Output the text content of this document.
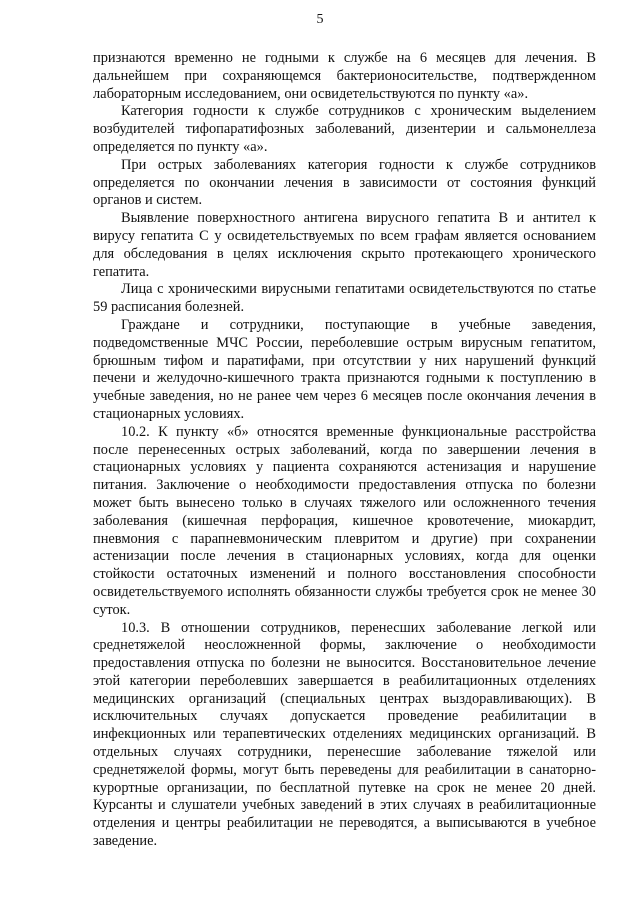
5

признаются временно не годными к службе на 6 месяцев для лечения. В дальнейшем при сохраняющемся бактерионосительстве, подтвержденном лабораторным исследованием, они освидетельствуются по пункту «а».

Категория годности к службе сотрудников с хроническим выделением возбудителей тифопаратифозных заболеваний, дизентерии и сальмонеллеза определяется по пункту «а».

При острых заболеваниях категория годности к службе сотрудников определяется по окончании лечения в зависимости от состояния функций органов и систем.

Выявление поверхностного антигена вирусного гепатита В и антител к вирусу гепатита С у освидетельствуемых по всем графам является основанием для обследования в целях исключения скрыто протекающего хронического гепатита.

Лица с хроническими вирусными гепатитами освидетельствуются по статье 59 расписания болезней.

Граждане и сотрудники, поступающие в учебные заведения, подведомственные МЧС России, переболевшие острым вирусным гепатитом, брюшным тифом и паратифами, при отсутствии у них нарушений функций печени и желудочно-кишечного тракта признаются годными к поступлению в учебные заведения, но не ранее чем через 6 месяцев после окончания лечения в стационарных условиях.

10.2. К пункту «б» относятся временные функциональные расстройства после перенесенных острых заболеваний, когда по завершении лечения в стационарных условиях у пациента сохраняются астенизация и нарушение питания. Заключение о необходимости предоставления отпуска по болезни может быть вынесено только в случаях тяжелого или осложненного течения заболевания (кишечная перфорация, кишечное кровотечение, миокардит, пневмония с парапневмоническим плевритом и другие) при сохранении астенизации после лечения в стационарных условиях, когда для оценки стойкости остаточных изменений и полного восстановления способности освидетельствуемого исполнять обязанности службы требуется срок не менее 30 суток.

10.3. В отношении сотрудников, перенесших заболевание легкой или среднетяжелой неосложненной формы, заключение о необходимости предоставления отпуска по болезни не выносится. Восстановительное лечение этой категории переболевших завершается в реабилитационных отделениях медицинских организаций (специальных центрах выздоравливающих). В исключительных случаях допускается проведение реабилитации в инфекционных или терапевтических отделениях медицинских организаций. В отдельных случаях сотрудники, перенесшие заболевание тяжелой или среднетяжелой формы, могут быть переведены для реабилитации в санаторно-курортные организации, по бесплатной путевке на срок не менее 20 дней. Курсанты и слушатели учебных заведений в этих случаях в реабилитационные отделения и центры реабилитации не переводятся, а выписываются в учебное заведение.
